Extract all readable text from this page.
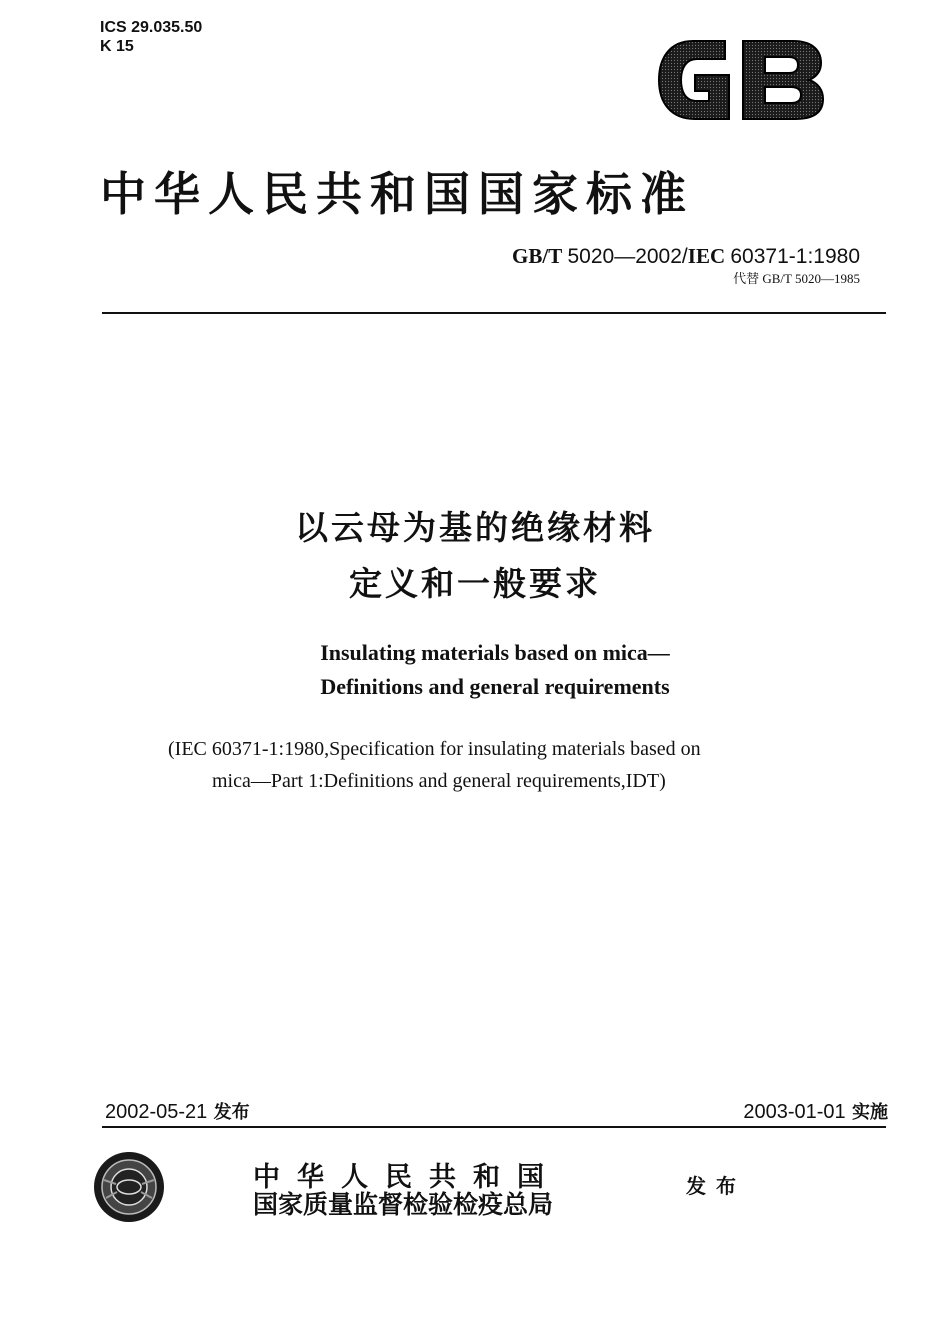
ICS 29.035.50
K 15
GB
中华人民共和国国家标准
GB/T 5020—2002/IEC 60371-1:1980
代替 GB/T 5020—1985
以云母为基的绝缘材料
定义和一般要求
Insulating materials based on mica—
Definitions and general requirements
(IEC 60371-1:1980,Specification for insulating materials based on
mica—Part 1:Definitions and general requirements,IDT)
2002-05-21 发布	2003-01-01 实施
中华人民共和国
国家质量监督检验检疫总局
发布
